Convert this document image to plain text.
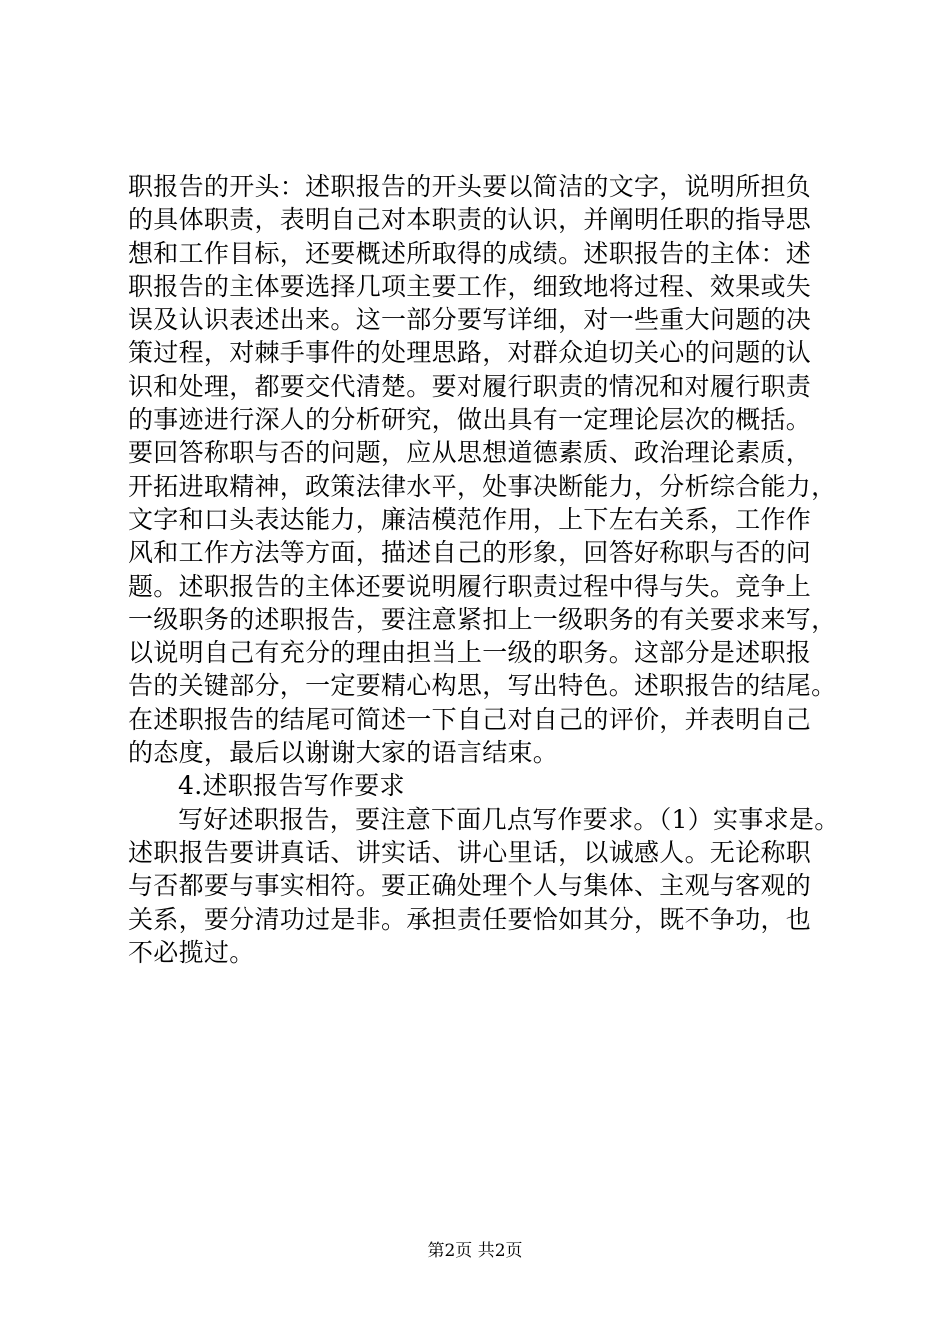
职报告的开头：述职报告的开头要以简洁的文字，说明所担负
的具体职责，表明自己对本职责的认识，并阐明任职的指导思
想和工作目标，还要概述所取得的成绩。述职报告的主体：述
职报告的主体要选择几项主要工作，细致地将过程、效果或失
误及认识表述出来。这一部分要写详细，对一些重大问题的决
策过程，对棘手事件的处理思路，对群众迫切关心的问题的认
识和处理，都要交代清楚。要对履行职责的情况和对履行职责
的事迹进行深人的分析研究，做出具有一定理论层次的概括。
要回答称职与否的问题，应从思想道德素质、政治理论素质，
开拓进取精神，政策法律水平，处事决断能力，分析综合能力，
文字和口头表达能力，廉洁模范作用，上下左右关系，工作作
风和工作方法等方面，描述自己的形象，回答好称职与否的问
题。述职报告的主体还要说明履行职责过程中得与失。竞争上
一级职务的述职报告，要注意紧扣上一级职务的有关要求来写，
以说明自己有充分的理由担当上一级的职务。这部分是述职报
告的关键部分，一定要精心构思，写出特色。述职报告的结尾。
在述职报告的结尾可简述一下自己对自己的评价，并表明自己
的态度，最后以谢谢大家的语言结束。
4.述职报告写作要求
写好述职报告，要注意下面几点写作要求。（1）实事求是。
述职报告要讲真话、讲实话、讲心里话，以诚感人。无论称职
与否都要与事实相符。要正确处理个人与集体、主观与客观的
关系，要分清功过是非。承担责任要恰如其分，既不争功，也
不必揽过。
第2页 共2页
